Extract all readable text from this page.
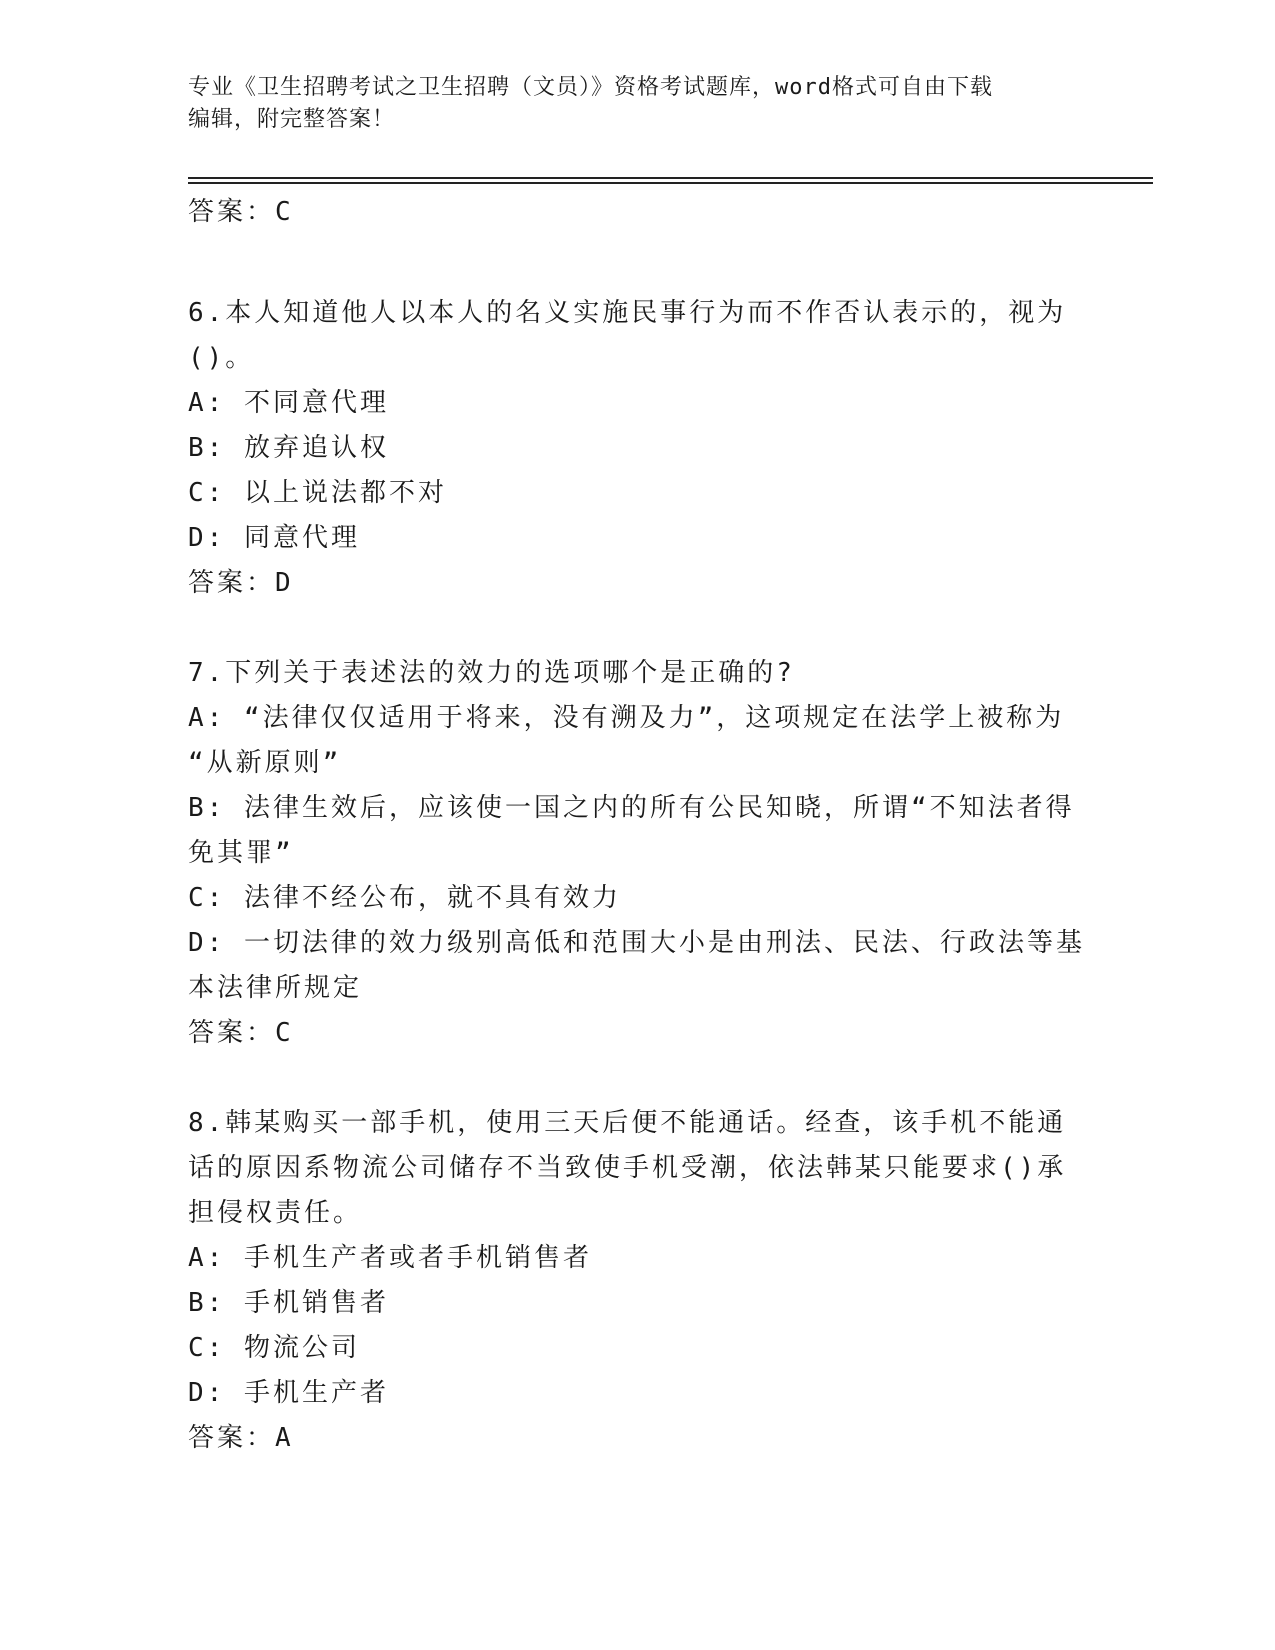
专业《卫生招聘考试之卫生招聘（文员）》资格考试题库，word格式可自由下载
编辑，附完整答案！

答案：C

6.本人知道他人以本人的名义实施民事行为而不作否认表示的，视为

()。

A: 不同意代理

B: 放弃追认权

C: 以上说法都不对

D: 同意代理

答案：D

7.下列关于表述法的效力的选项哪个是正确的?

A: “法律仅仅适用于将来，没有溯及力”，这项规定在法学上被称为

“从新原则”

B: 法律生效后，应该使一国之内的所有公民知晓，所谓“不知法者得

免其罪”

C: 法律不经公布，就不具有效力

D: 一切法律的效力级别高低和范围大小是由刑法、民法、行政法等基

本法律所规定

答案：C

8.韩某购买一部手机，使用三天后便不能通话。经查，该手机不能通

话的原因系物流公司储存不当致使手机受潮，依法韩某只能要求()承

担侵权责任。

A: 手机生产者或者手机销售者

B: 手机销售者

C: 物流公司

D: 手机生产者

答案：A
